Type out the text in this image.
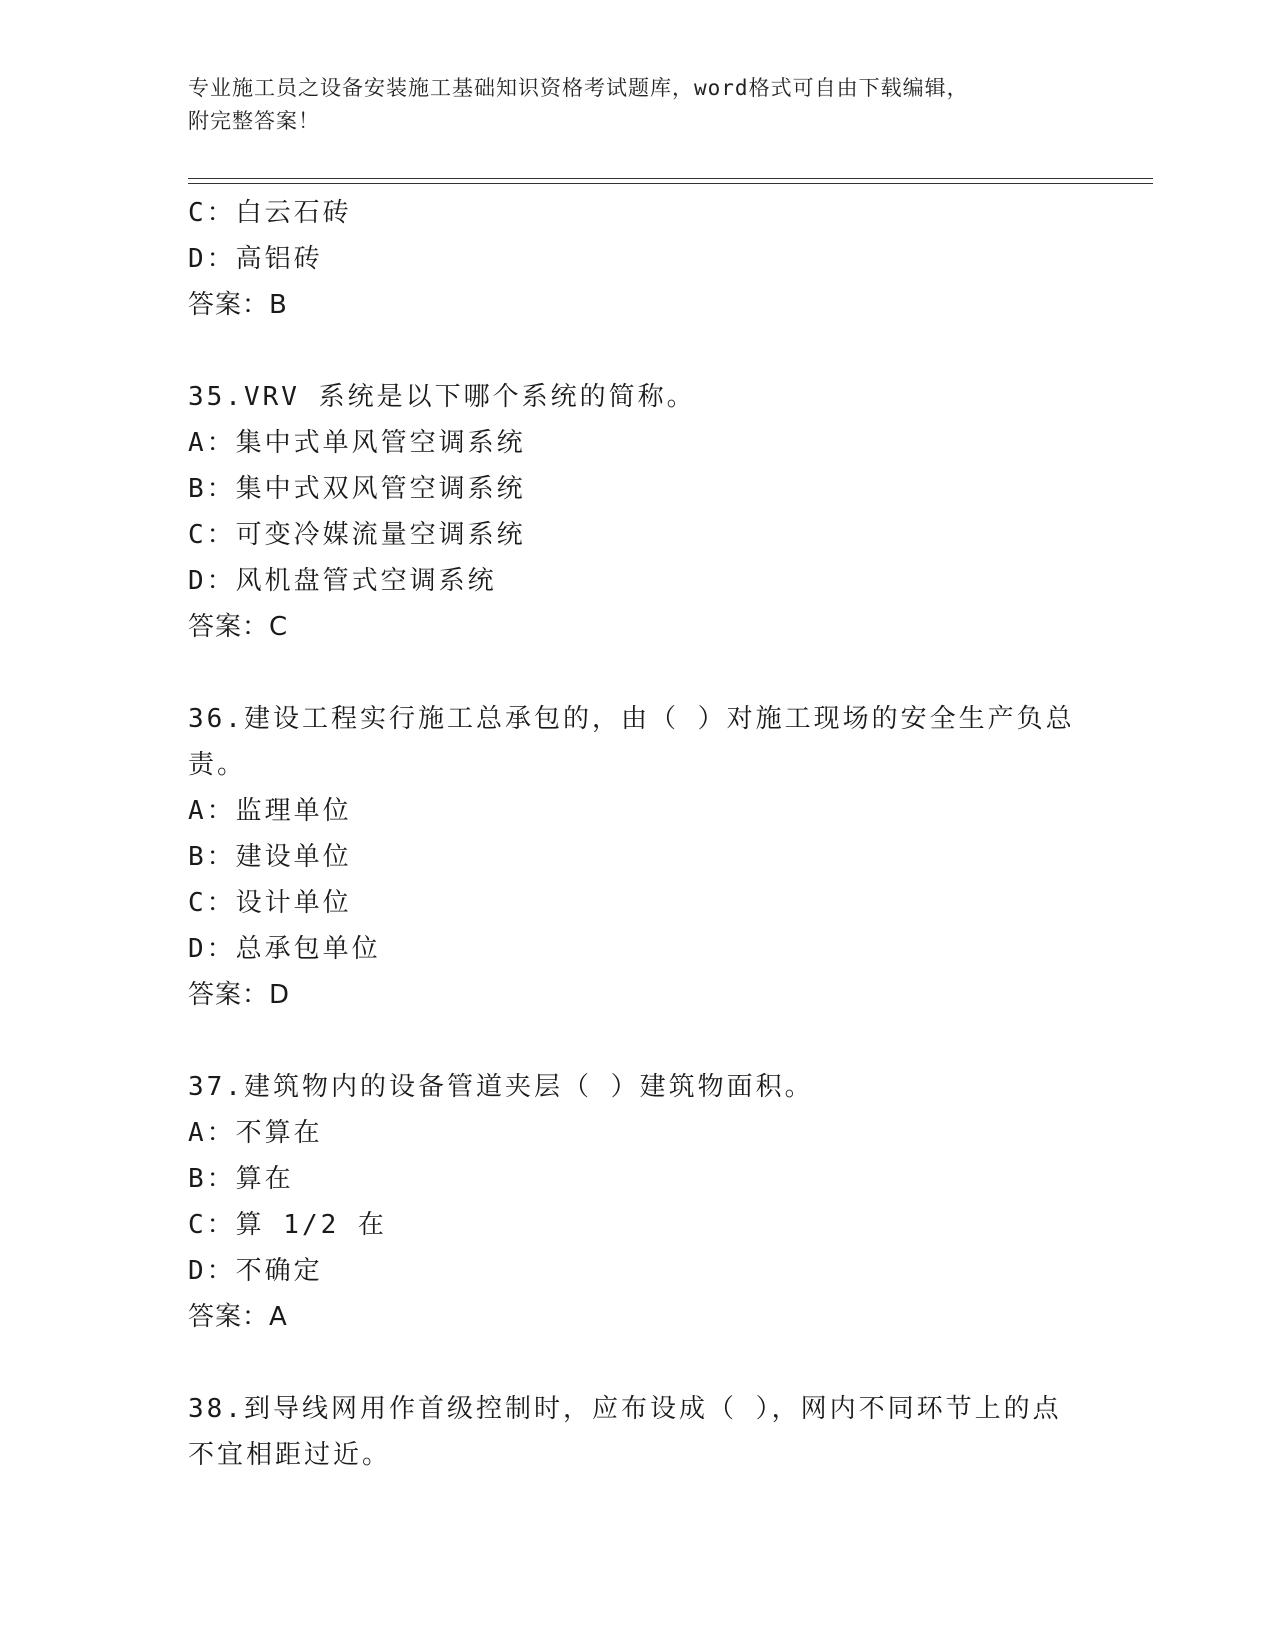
专业施工员之设备安装施工基础知识资格考试题库，word格式可自由下载编辑，
附完整答案！
C：白云石砖
D：高铝砖
答案：B
35.VRV 系统是以下哪个系统的简称。
A：集中式单风管空调系统
B：集中式双风管空调系统
C：可变冷媒流量空调系统
D：风机盘管式空调系统
答案：C
36.建设工程实行施工总承包的，由（ ）对施工现场的安全生产负总
责。
A：监理单位
B：建设单位
C：设计单位
D：总承包单位
答案：D
37.建筑物内的设备管道夹层（ ）建筑物面积。
A：不算在
B：算在
C：算 1/2 在
D：不确定
答案：A
38.到导线网用作首级控制时，应布设成（ ），网内不同环节上的点
不宜相距过近。
